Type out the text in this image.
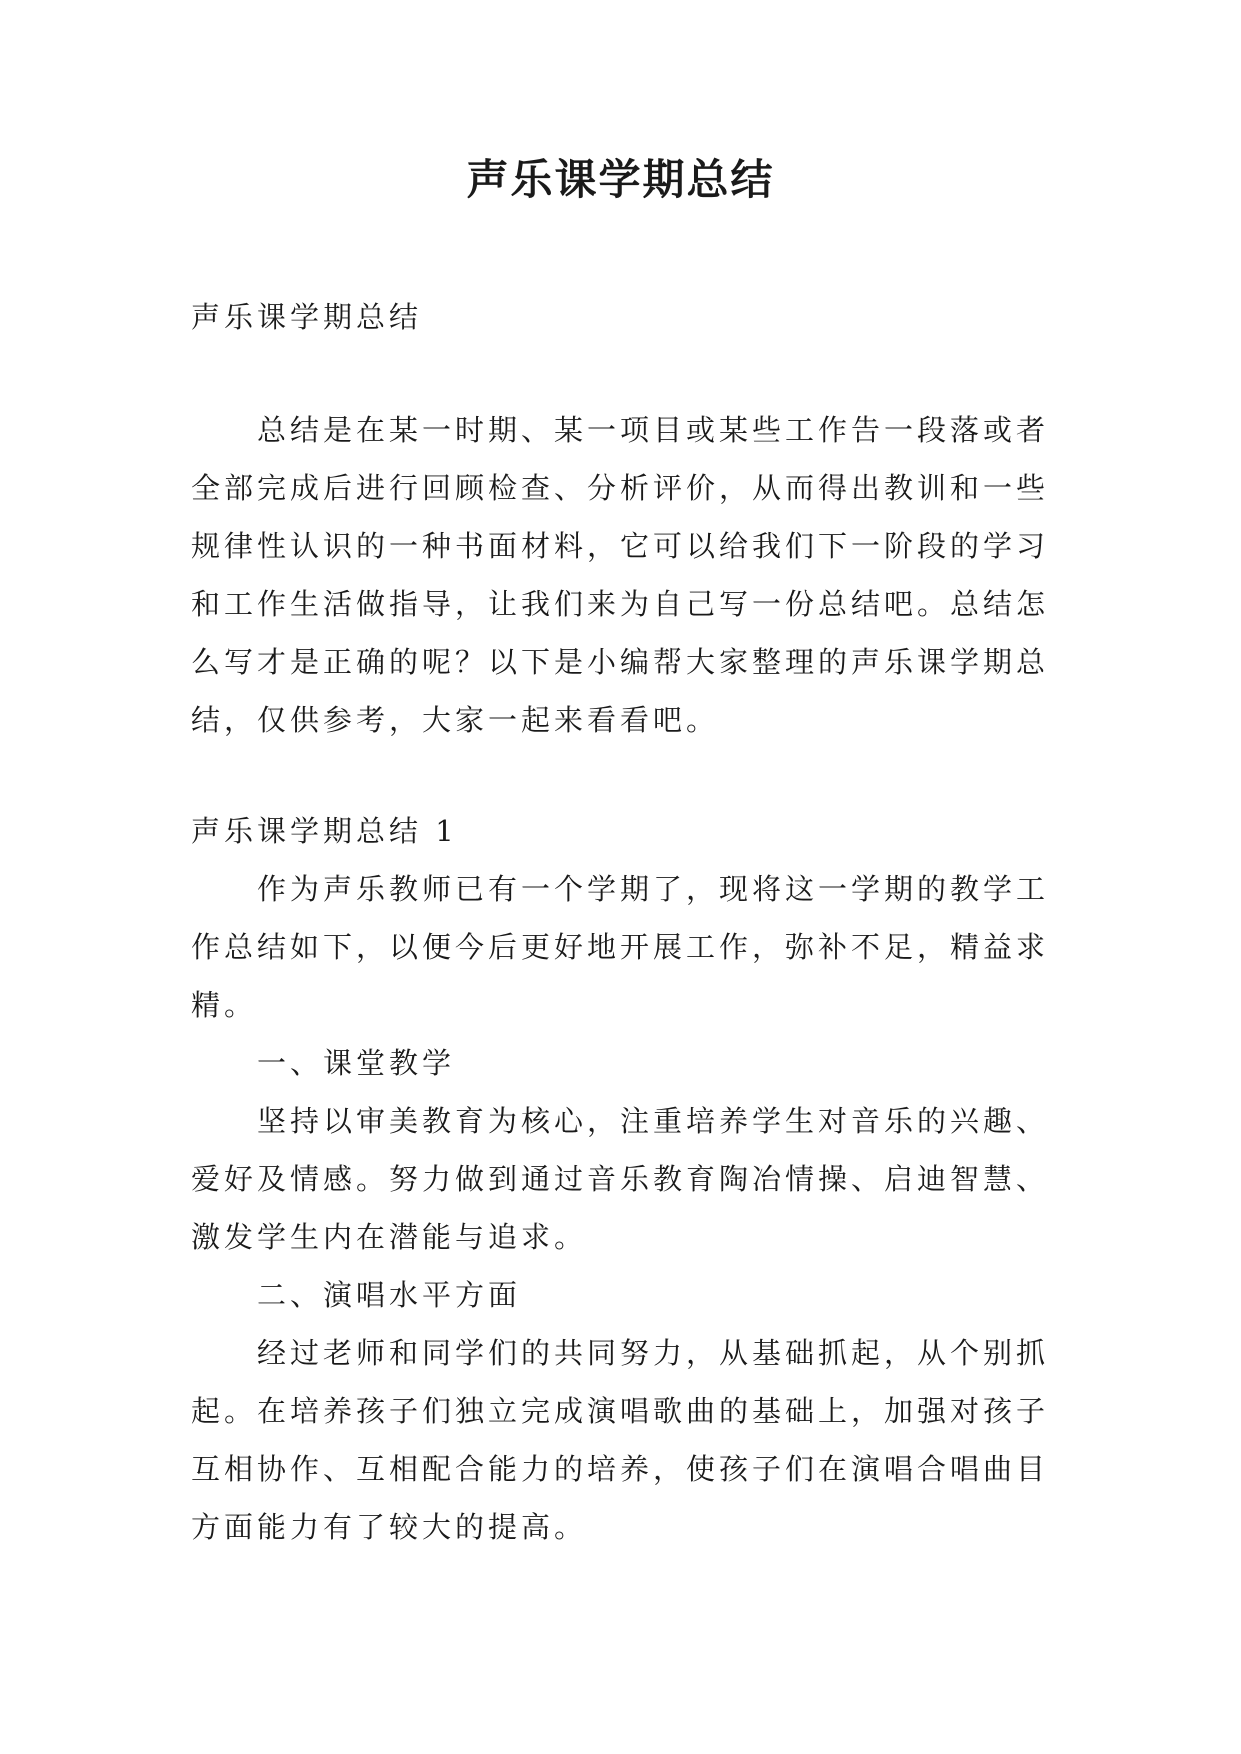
声乐课学期总结

声乐课学期总结

总结是在某一时期、某一项目或某些工作告一段落或者全部完成后进行回顾检查、分析评价，从而得出教训和一些规律性认识的一种书面材料，它可以给我们下一阶段的学习和工作生活做指导，让我们来为自己写一份总结吧。总结怎么写才是正确的呢？以下是小编帮大家整理的声乐课学期总结，仅供参考，大家一起来看看吧。

声乐课学期总结 1

作为声乐教师已有一个学期了，现将这一学期的教学工作总结如下，以便今后更好地开展工作，弥补不足，精益求精。

一、课堂教学

坚持以审美教育为核心，注重培养学生对音乐的兴趣、爱好及情感。努力做到通过音乐教育陶冶情操、启迪智慧、激发学生内在潜能与追求。

二、演唱水平方面

经过老师和同学们的共同努力，从基础抓起，从个别抓起。在培养孩子们独立完成演唱歌曲的基础上，加强对孩子互相协作、互相配合能力的培养，使孩子们在演唱合唱曲目方面能力有了较大的提高。
